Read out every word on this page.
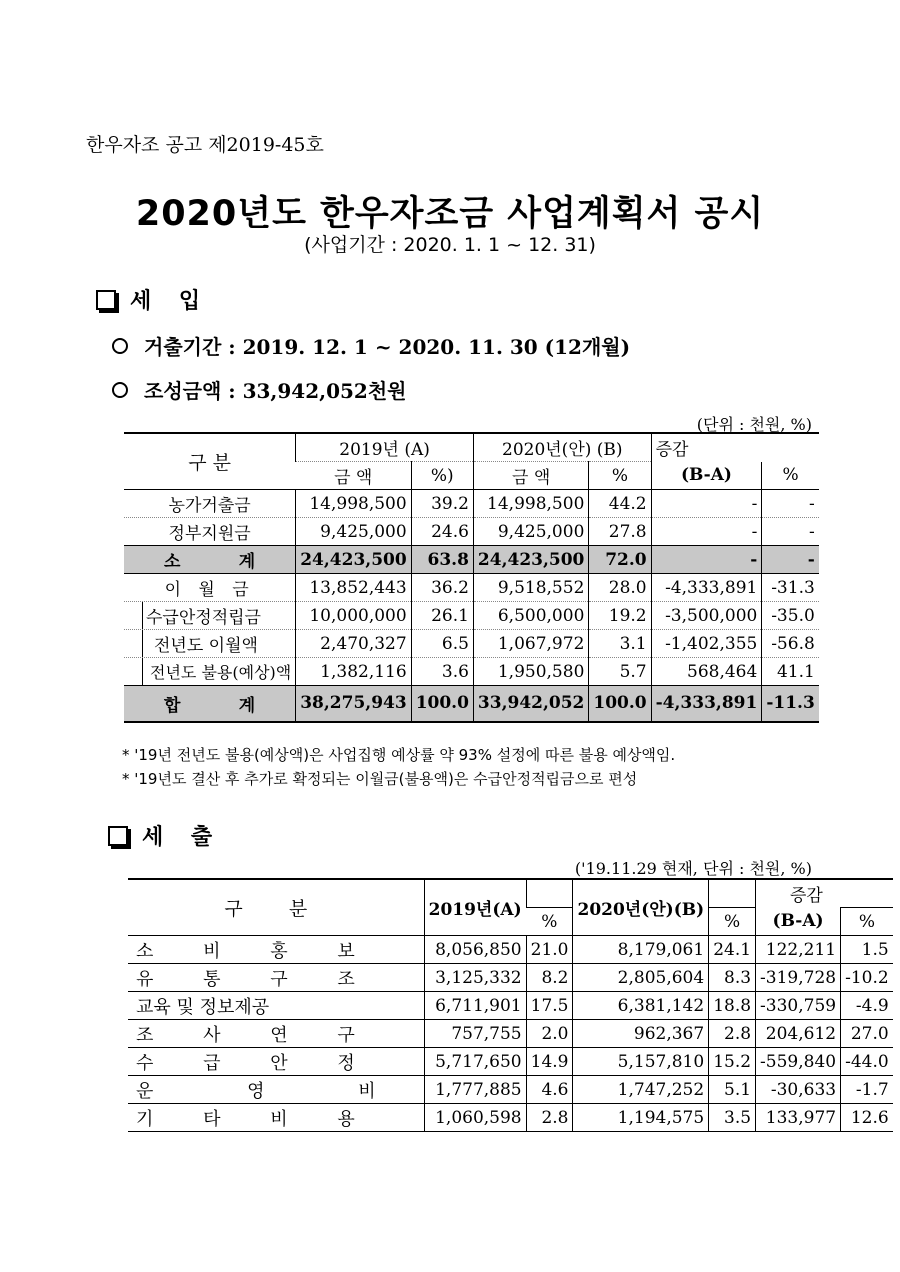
한우자조 공고 제2019-45호
2020년도 한우자조금 사업계획서 공시
(사업기간 : 2020. 1. 1 ~ 12. 31)
세 입
거출기간 : 2019. 12. 1 ~ 2020. 11. 30 (12개월)
조성금액 : 33,942,052천원
(단위 : 천원, %)
구 분	2019년 (A)		2020년(안) (B)		증감	
	금 액	%)	금 액	%	(B-A)	%
농가거출금	14,998,500	39.2	14,998,500	44.2	-	-
정부지원금	9,425,000	24.6	9,425,000	27.8	-	-

소 계	24,423,500	63.8	24,423,500	72.0	-	-
이 월 금	13,852,443	36.2	9,518,552	28.0	-4,333,891	-31.3

수급안정적립금	10,000,000	26.1	6,500,000	19.2	-3,500,000	-35.0

전년도 이월액	2,470,327	6.5	1,067,972	3.1	-1,402,355	-56.8

전년도 불용(예상)액	1,382,116	3.6	1,950,580	5.7	568,464	41.1

합 계	38,275,943	100.0	33,942,052	100.0	-4,333,891	-11.3
* '19년 전년도 불용(예상액)은 사업집행 예상률 약 93% 설정에 따른 불용 예상액임.
* '19년도 결산 후 추가로 확정되는 이월금(불용액)은 수급안정적립금으로 편성
세 출
('19.11.29 현재, 단위 : 천원, %)
구 분	2019년(A)		2020년(안)(B)		증감	
		%		%	(B-A)	%
소 비 홍 보	8,056,850	21.0	8,179,061	24.1	122,211	1.5
유 통 구 조	3,125,332	8.2	2,805,604	8.3	-319,728	-10.2
교육 및 정보제공	6,711,901	17.5	6,381,142	18.8	-330,759	-4.9
조 사 연 구	757,755	2.0	962,367	2.8	204,612	27.0
수 급 안 정	5,717,650	14.9	5,157,810	15.2	-559,840	-44.0
운 영 비	1,777,885	4.6	1,747,252	5.1	-30,633	-1.7
기 타 비 용	1,060,598	2.8	1,194,575	3.5	133,977	12.6
